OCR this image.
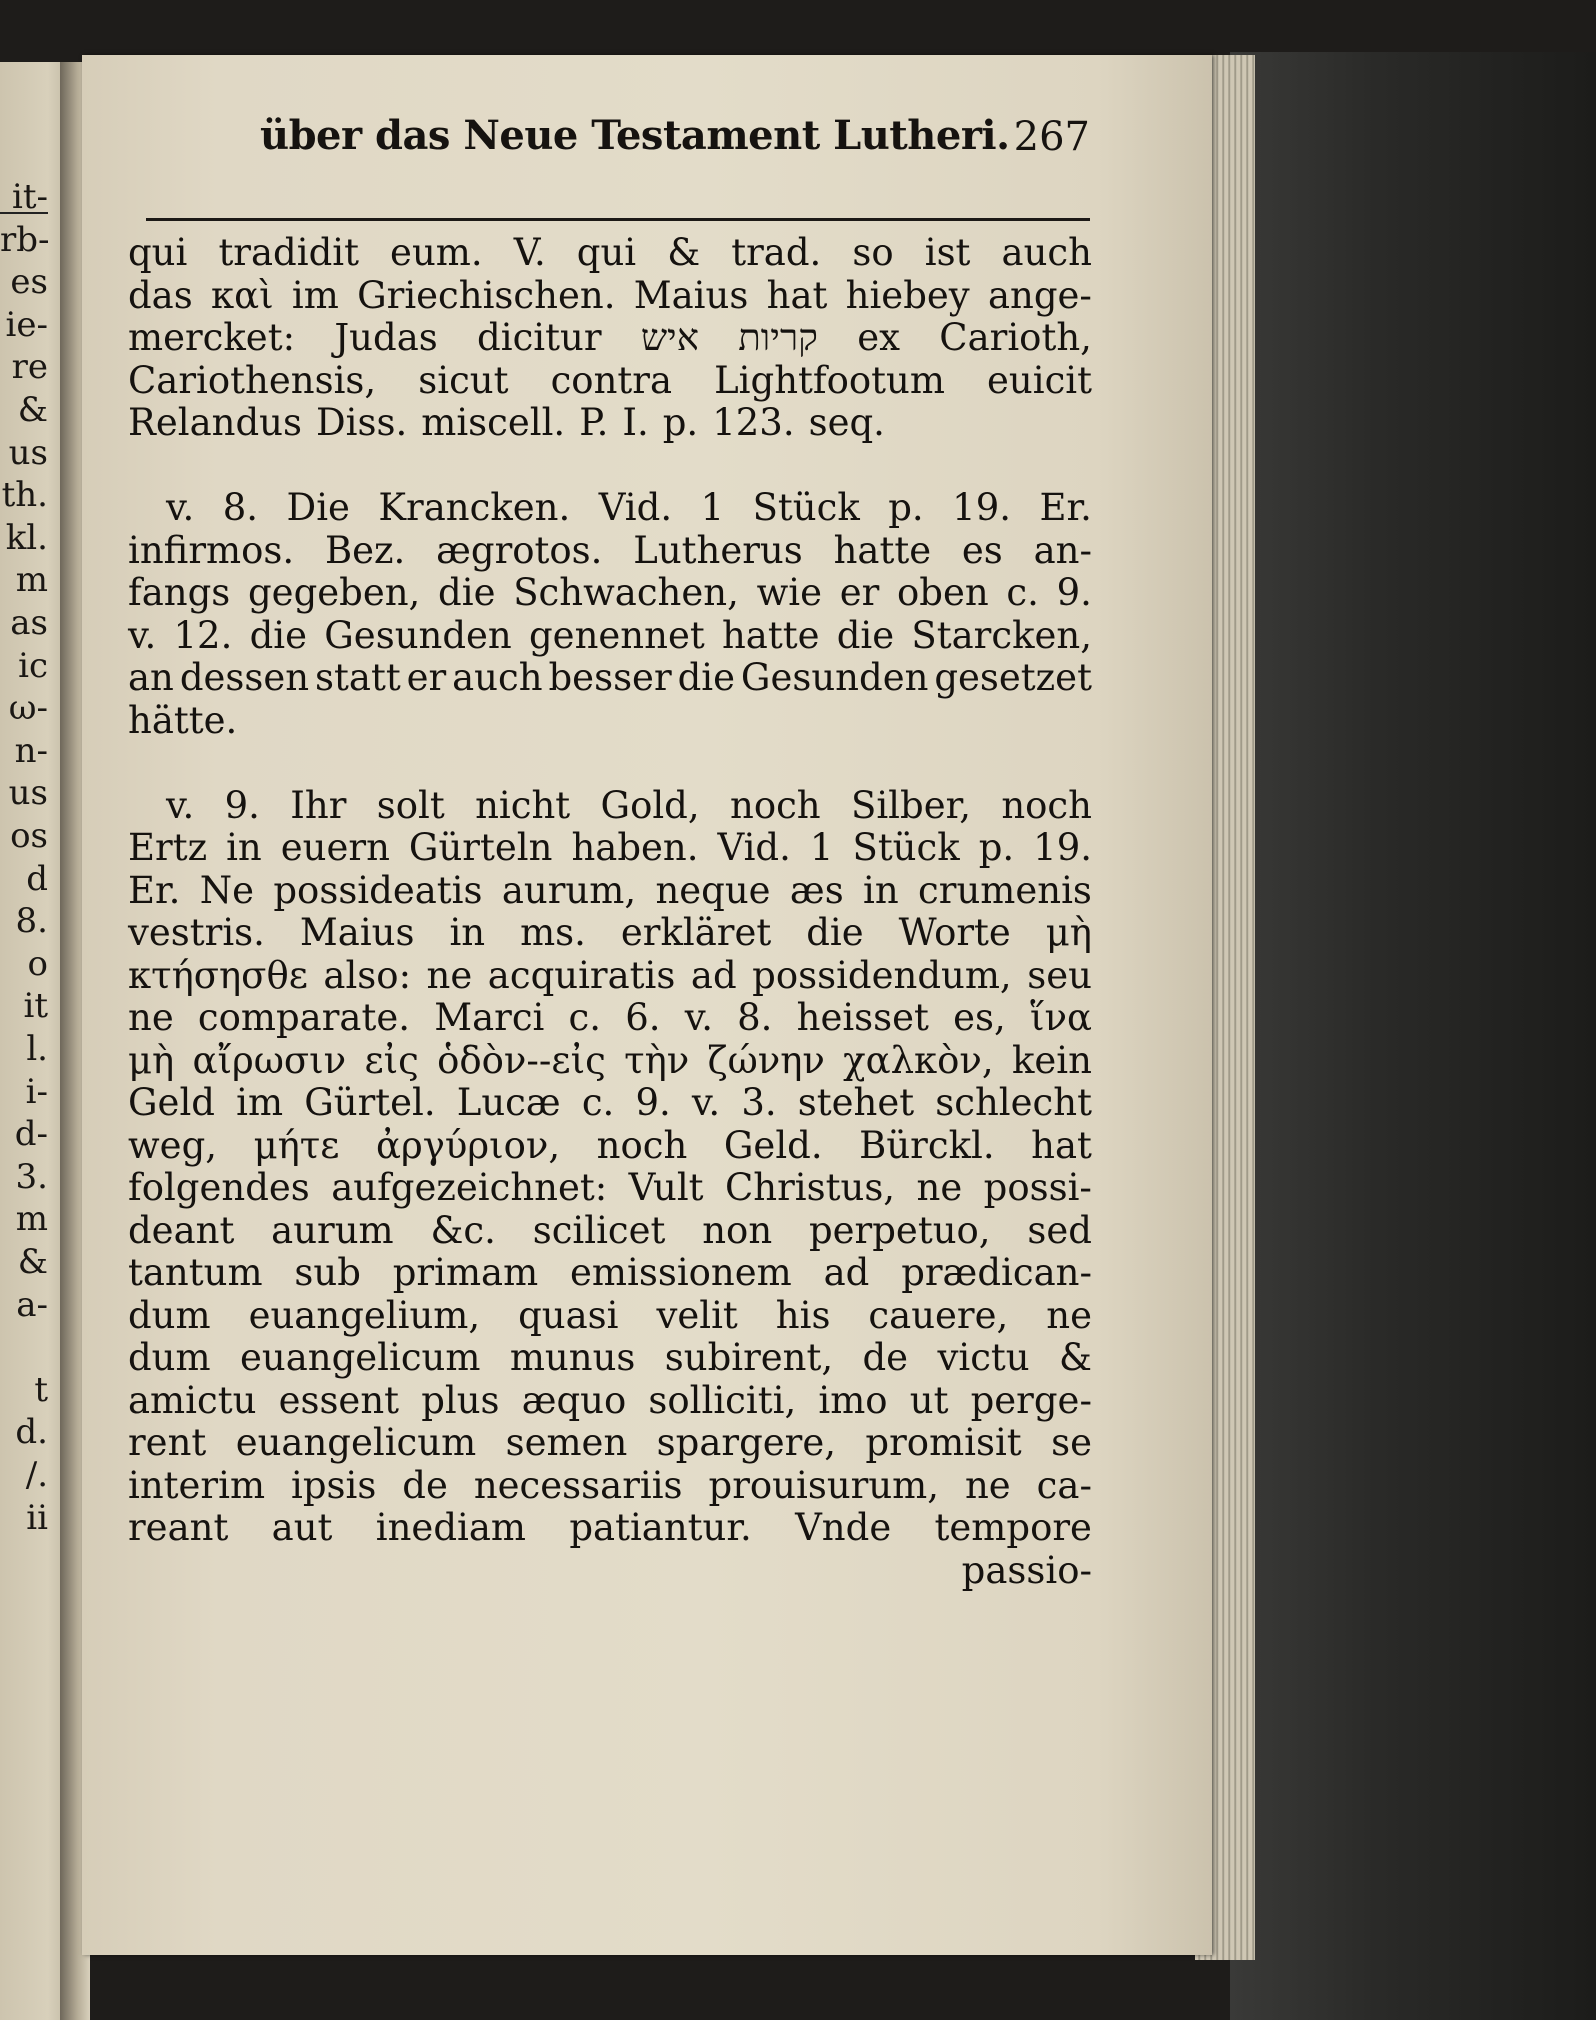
it-
rb-
es
ie-
re
&
us
th.
kl.
m
as
ic
ω-
n-
us
os
d
8.
o
it
l.
i-
d-
3.
m
&
a-
t
d.
/.
ii
über das Neue Testament Lutheri. 267
qui tradidit eum. V. qui & trad. so ist auch
das καὶ im Griechischen. Maius hat hiebey ange-
mercket: Judas dicitur איש קריות ex Carioth,
Cariothensis, sicut contra Lightfootum euicit
Relandus Diss. miscell. P. I. p. 123. seq.
v. 8. Die Krancken. Vid. 1 Stück p. 19. Er.
infirmos. Bez. ægrotos. Lutherus hatte es an-
fangs gegeben, die Schwachen, wie er oben c. 9.
v. 12. die Gesunden genennet hatte die Starcken,
an dessen statt er auch besser die Gesunden gesetzet
hätte.
v. 9. Ihr solt nicht Gold, noch Silber, noch
Ertz in euern Gürteln haben. Vid. 1 Stück p. 19.
Er. Ne possideatis aurum, neque æs in crumenis
vestris. Maius in ms. erkläret die Worte μὴ
κτήσησθε also: ne acquiratis ad possidendum, seu
ne comparate. Marci c. 6. v. 8. heisset es, ἵνα
μὴ αἴρωσιν εἰς ὁδὸν--εἰς τὴν ζώνην χαλκὸν, kein
Geld im Gürtel. Lucæ c. 9. v. 3. stehet schlecht
weg, μήτε ἀργύριον, noch Geld. Bürckl. hat
folgendes aufgezeichnet: Vult Christus, ne possi-
deant aurum &c. scilicet non perpetuo, sed
tantum sub primam emissionem ad prædican-
dum euangelium, quasi velit his cauere, ne
dum euangelicum munus subirent, de victu &
amictu essent plus æquo solliciti, imo ut perge-
rent euangelicum semen spargere, promisit se
interim ipsis de necessariis prouisurum, ne ca-
reant aut inediam patiantur. Vnde tempore
passio-
